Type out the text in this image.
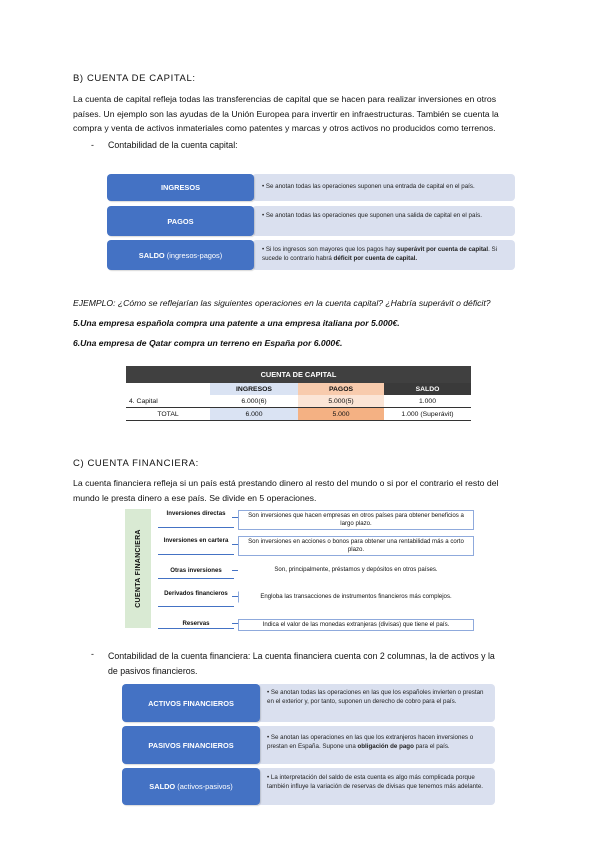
B) CUENTA DE CAPITAL:
La cuenta de capital refleja todas las transferencias de capital que se hacen para realizar inversiones en otros
países. Un ejemplo son las ayudas de la Unión Europea para invertir en infraestructuras. También se cuenta la
compra y venta de activos inmateriales como patentes y marcas y otros activos no producidos como terrenos.
- Contabilidad de la cuenta capital:
• Se anotan todas las operaciones suponen una entrada de capital en el país.
INGRESOS
• Se anotan todas las operaciones que suponen una salida de capital en el país.
PAGOS
• Si los ingresos son mayores que los pagos hay superávit por cuenta de capital. Si sucede lo contrario habrá déficit por cuenta de capital.
SALDO
(ingresos-pagos)
EJEMPLO: ¿Cómo se reflejarían las siguientes operaciones en la cuenta capital? ¿Habría superávit o déficit?
5.Una empresa española compra una patente a una empresa italiana por 5.000€.
6.Una empresa de Qatar compra un terreno en España por 6.000€.
CUENTA DE CAPITAL			
	INGRESOS	PAGOS	SALDO
4. Capital	6.000(6)	5.000(5)	1.000
TOTAL	6.000	5.000	1.000 (Superávit)
C) CUENTA FINANCIERA:
La cuenta financiera refleja si un país está prestando dinero al resto del mundo o si por el contrario el resto del
mundo le presta dinero a ese país. Se divide en 5 operaciones.
CUENTA FINANCIERA
Inversiones directas	Son inversiones que hacen empresas en otros países para obtener beneficios a largo plazo.
Inversiones en cartera	Son inversiones en acciones o bonos para obtener una rentabilidad más a corto plazo.
Otras inversiones	Son, principalmente, préstamos y depósitos en otros países.
Derivados financieros	Engloba las transacciones de instrumentos financieros más complejos.
Reservas	Indica el valor de las monedas extranjeras (divisas) que tiene el país.
- Contabilidad de la cuenta financiera: La cuenta financiera cuenta con 2 columnas, la de activos y la
de pasivos financieros.
• Se anotan todas las operaciones en las que los españoles invierten o prestan en el exterior y, por tanto, suponen un derecho de cobro para el país.
ACTIVOS FINANCIEROS
• Se anotan las operaciones en las que los extranjeros hacen inversiones o prestan en España. Supone una obligación de pago para el país.
PASIVOS FINANCIEROS
• La interpretación del saldo de esta cuenta es algo más complicada porque también influye la variación de reservas de divisas que tenemos más adelante.
SALDO
(activos-pasivos)
